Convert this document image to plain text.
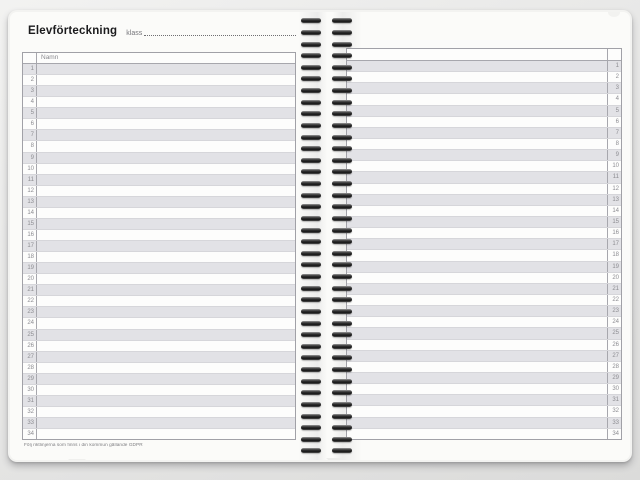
Elevförteckning klass
Namn
1
2
3
4
5
6
7
8
9
10
11
12
13
14
15
16
17
18
19
20
21
22
23
24
25
26
27
28
29
30
31
32
33
34
Följ riktlinjerna som finns i din kommun gällande GDPR
1
2
3
4
5
6
7
8
9
10
11
12
13
14
15
16
17
18
19
20
21
22
23
24
25
26
27
28
29
30
31
32
33
34
